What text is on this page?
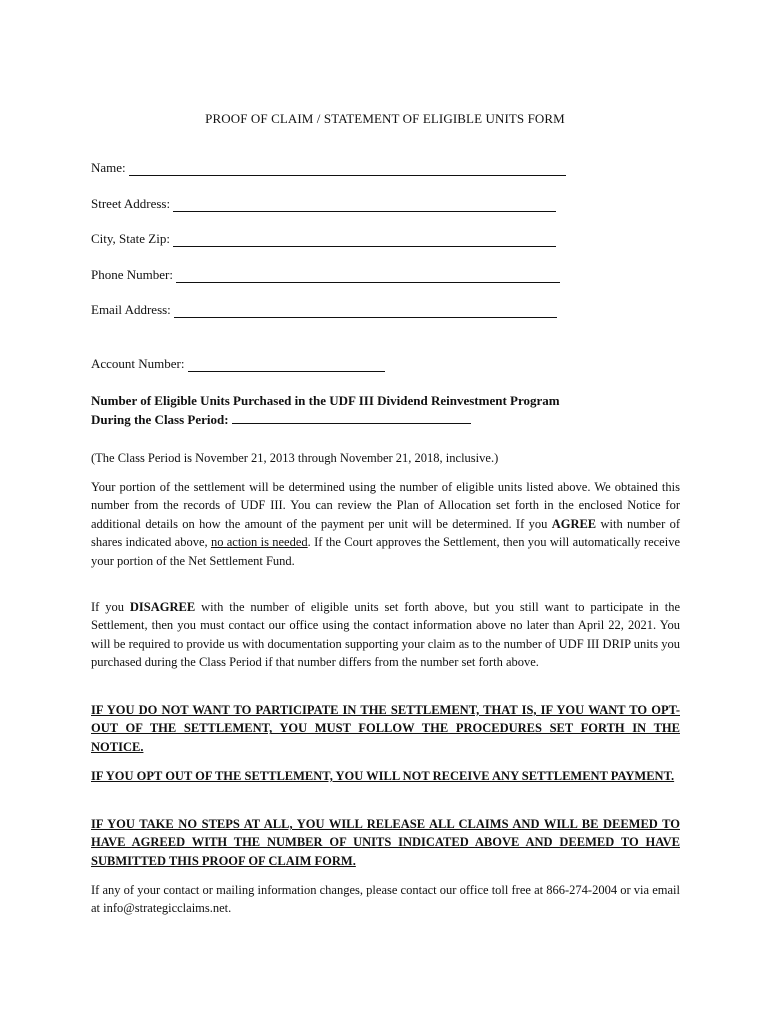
PROOF OF CLAIM / STATEMENT OF ELIGIBLE UNITS FORM
Name:
Street Address:
City, State Zip:
Phone Number:
Email Address:
Account Number:
Number of Eligible Units Purchased in the UDF III Dividend Reinvestment Program
During the Class Period:

(The Class Period is November 21, 2013 through November 21, 2018, inclusive.)

Your portion of the settlement will be determined using the number of eligible units listed above. We obtained this number from the records of UDF III. You can review the Plan of Allocation set forth in the enclosed Notice for additional details on how the amount of the payment per unit will be determined. If you AGREE with number of shares indicated above, no action is needed. If the Court approves the Settlement, then you will automatically receive your portion of the Net Settlement Fund.

If you DISAGREE with the number of eligible units set forth above, but you still want to participate in the Settlement, then you must contact our office using the contact information above no later than April 22, 2021. You will be required to provide us with documentation supporting your claim as to the number of UDF III DRIP units you purchased during the Class Period if that number differs from the number set forth above.

IF YOU DO NOT WANT TO PARTICIPATE IN THE SETTLEMENT, THAT IS, IF YOU WANT TO OPT-OUT OF THE SETTLEMENT, YOU MUST FOLLOW THE PROCEDURES SET FORTH IN THE NOTICE.

IF YOU OPT OUT OF THE SETTLEMENT, YOU WILL NOT RECEIVE ANY SETTLEMENT PAYMENT.

IF YOU TAKE NO STEPS AT ALL, YOU WILL RELEASE ALL CLAIMS AND WILL BE DEEMED TO HAVE AGREED WITH THE NUMBER OF UNITS INDICATED ABOVE AND DEEMED TO HAVE SUBMITTED THIS PROOF OF CLAIM FORM.

If any of your contact or mailing information changes, please contact our office toll free at 866-274-2004 or via email at info@strategicclaims.net.
